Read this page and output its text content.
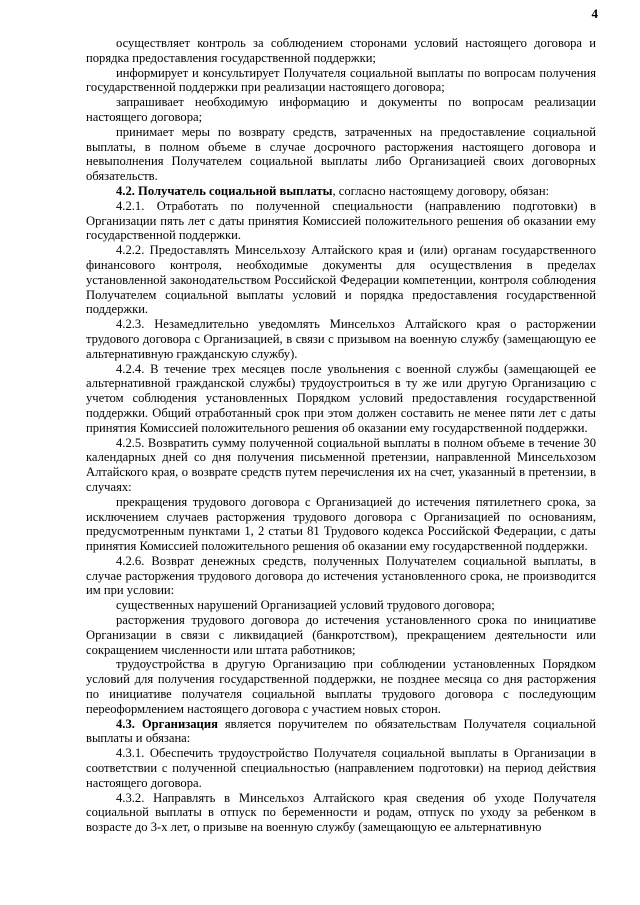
4

осуществляет контроль за соблюдением сторонами условий настоящего договора и порядка предоставления государственной поддержки;

информирует и консультирует Получателя социальной выплаты по вопросам получения государственной поддержки при реализации настоящего договора;

запрашивает необходимую информацию и документы по вопросам реализации настоящего договора;

принимает меры по возврату средств, затраченных на предоставление социальной выплаты, в полном объеме в случае досрочного расторжения настоящего договора и невыполнения Получателем социальной выплаты либо Организацией своих договорных обязательств.

4.2. Получатель социальной выплаты, согласно настоящему договору, обязан:

4.2.1. Отработать по полученной специальности (направлению подготовки) в Организации пять лет с даты принятия Комиссией положительного решения об оказании ему государственной поддержки.

4.2.2. Предоставлять Минсельхозу Алтайского края и (или) органам государственного финансового контроля, необходимые документы для осуществления в пределах установленной законодательством Российской Федерации компетенции, контроля соблюдения Получателем социальной выплаты условий и порядка предоставления государственной поддержки.

4.2.3. Незамедлительно уведомлять Минсельхоз Алтайского края о расторжении трудового договора с Организацией, в связи с призывом на военную службу (замещающую ее альтернативную гражданскую службу).

4.2.4. В течение трех месяцев после увольнения с военной службы (замещающей ее альтернативной гражданской службы) трудоустроиться в ту же или другую Организацию с учетом соблюдения установленных Порядком условий предоставления государственной поддержки. Общий отработанный срок при этом должен составить не менее пяти лет с даты принятия Комиссией положительного решения об оказании ему государственной поддержки.

4.2.5. Возвратить сумму полученной социальной выплаты в полном объеме в течение 30 календарных дней со дня получения письменной претензии, направленной Минсельхозом Алтайского края, о возврате средств путем перечисления их на счет, указанный в претензии, в случаях:

прекращения трудового договора с Организацией до истечения пятилетнего срока, за исключением случаев расторжения трудового договора с Организацией по основаниям, предусмотренным пунктами 1, 2 статьи 81 Трудового кодекса Российской Федерации, с даты принятия Комиссией положительного решения об оказании ему государственной поддержки.

4.2.6. Возврат денежных средств, полученных Получателем социальной выплаты, в случае расторжения трудового договора до истечения установленного срока, не производится им при условии:

существенных нарушений Организацией условий трудового договора;

расторжения трудового договора до истечения установленного срока по инициативе Организации в связи с ликвидацией (банкротством), прекращением деятельности или сокращением численности или штата работников;

трудоустройства в другую Организацию при соблюдении установленных Порядком условий для получения государственной поддержки, не позднее месяца со дня расторжения по инициативе получателя социальной выплаты трудового договора с последующим переоформлением настоящего договора с участием новых сторон.

4.3. Организация является поручителем по обязательствам Получателя социальной выплаты и обязана:

4.3.1. Обеспечить трудоустройство Получателя социальной выплаты в Организации в соответствии с полученной специальностью (направлением подготовки) на период действия настоящего договора.

4.3.2. Направлять в Минсельхоз Алтайского края сведения об уходе Получателя социальной выплаты в отпуск по беременности и родам, отпуск по уходу за ребенком в возрасте до 3-х лет, о призыве на военную службу (замещающую ее альтернативную
